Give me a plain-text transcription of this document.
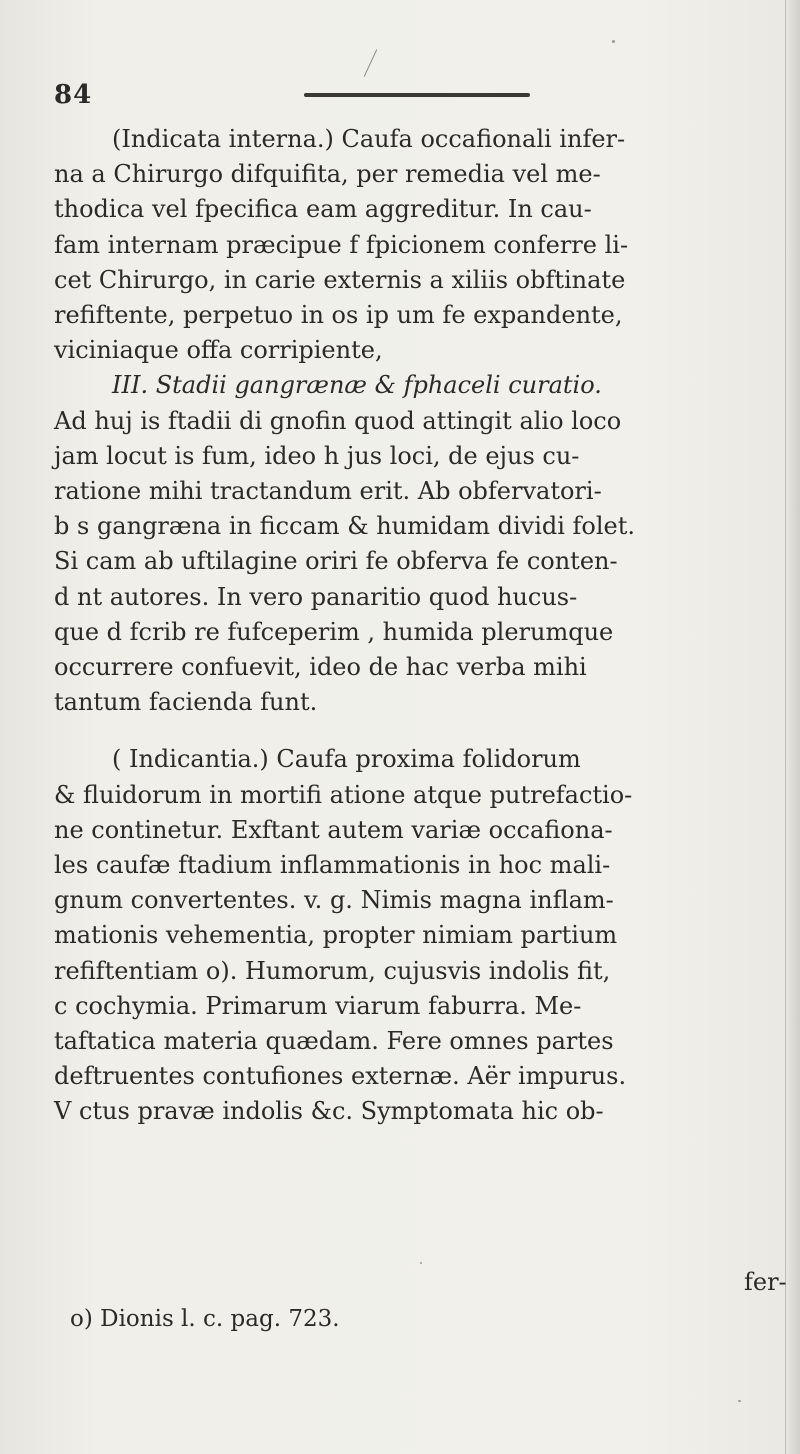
84
(Indicata interna.) Caufa occafionali infer-
na a Chirurgo difquifita, per remedia vel me-
thodica vel fpecifica eam aggreditur. In cau-
fam internam præcipue f fpicionem conferre li-
cet Chirurgo, in carie externis a xiliis obftinate
refiftente, perpetuo in os ip um fe expandente,
viciniaque offa corripiente,
III. Stadii gangrænæ & fphaceli curatio.
Ad huj is ftadii di gnofin quod attingit alio loco
jam locut is fum, ideo h jus loci, de ejus cu-
ratione mihi tractandum erit. Ab obfervatori-
b s gangræna in ficcam & humidam dividi folet.
Si cam ab uftilagine oriri fe obferva fe conten-
d nt autores. In vero panaritio quod hucus-
que d fcrib re fufceperim , humida plerumque
occurrere confuevit, ideo de hac verba mihi
tantum facienda funt.
( Indicantia.) Caufa proxima folidorum
& fluidorum in mortifi atione atque putrefactio-
ne continetur. Exftant autem variæ occafiona-
les caufæ ftadium inflammationis in hoc mali-
gnum convertentes. v. g. Nimis magna inflam-
mationis vehementia, propter nimiam partium
refiftentiam o). Humorum, cujusvis indolis fit,
c cochymia. Primarum viarum faburra. Me-
taftatica materia quædam. Fere omnes partes
deftruentes contufiones externæ. Aër impurus.
V ctus pravæ indolis &c. Symptomata hic ob-
fer-
o) Dionis l. c. pag. 723.
